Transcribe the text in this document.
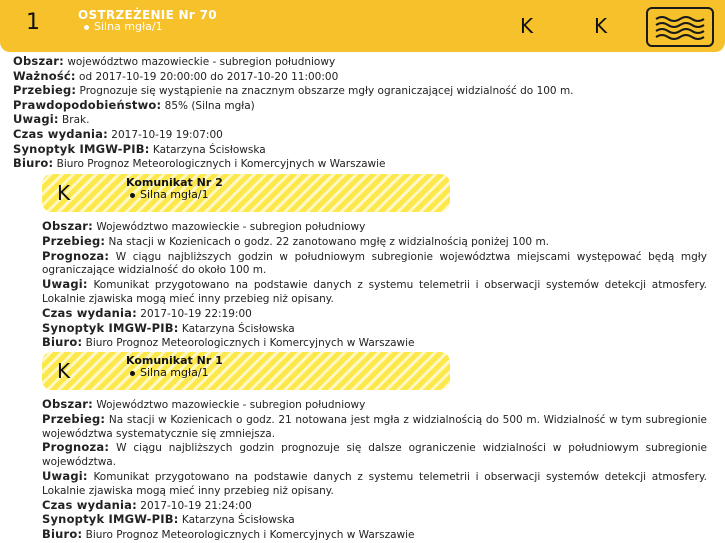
1	OSTRZEŻENIE Nr 70
Silna mgła/1	K	K

Obszar: województwo mazowieckie - subregion południowy

Ważność: od 2017-10-19 20:00:00 do 2017-10-20 11:00:00

Przebieg: Prognozuje się wystąpienie na znacznym obszarze mgły ograniczającej widzialność do 100 m.

Prawdopodobieństwo: 85% (Silna mgła)

Uwagi: Brak.

Czas wydania: 2017-10-19 19:07:00

Synoptyk IMGW-PIB: Katarzyna Ścisłowska

Biuro: Biuro Prognoz Meteorologicznych i Komercyjnych w Warszawie

K	Komunikat Nr 2
Silna mgła/1

Obszar: Województwo mazowieckie - subregion południowy

Przebieg: Na stacji w Kozienicach o godz. 22 zanotowano mgłę z widzialnością poniżej 100 m.

Prognoza: W ciągu najbliższych godzin w południowym subregionie województwa miejscami występować będą mgły ograniczające widzialność do około 100 m.

Uwagi: Komunikat przygotowano na podstawie danych z systemu telemetrii i obserwacji systemów detekcji atmosfery. Lokalnie zjawiska mogą mieć inny przebieg niż opisany.

Czas wydania: 2017-10-19 22:19:00

Synoptyk IMGW-PIB: Katarzyna Ścisłowska

Biuro: Biuro Prognoz Meteorologicznych i Komercyjnych w Warszawie

K	Komunikat Nr 1
Silna mgła/1

Obszar: Województwo mazowieckie - subregion południowy

Przebieg: Na stacji w Kozienicach o godz. 21 notowana jest mgła z widzialnością do 500 m. Widzialność w tym subregionie województwa systematycznie się zmniejsza.

Prognoza: W ciągu najbliższych godzin prognozuje się dalsze ograniczenie widzialności w południowym subregionie województwa.

Uwagi: Komunikat przygotowano na podstawie danych z systemu telemetrii i obserwacji systemów detekcji atmosfery. Lokalnie zjawiska mogą mieć inny przebieg niż opisany.

Czas wydania: 2017-10-19 21:24:00

Synoptyk IMGW-PIB: Katarzyna Ścisłowska

Biuro: Biuro Prognoz Meteorologicznych i Komercyjnych w Warszawie
